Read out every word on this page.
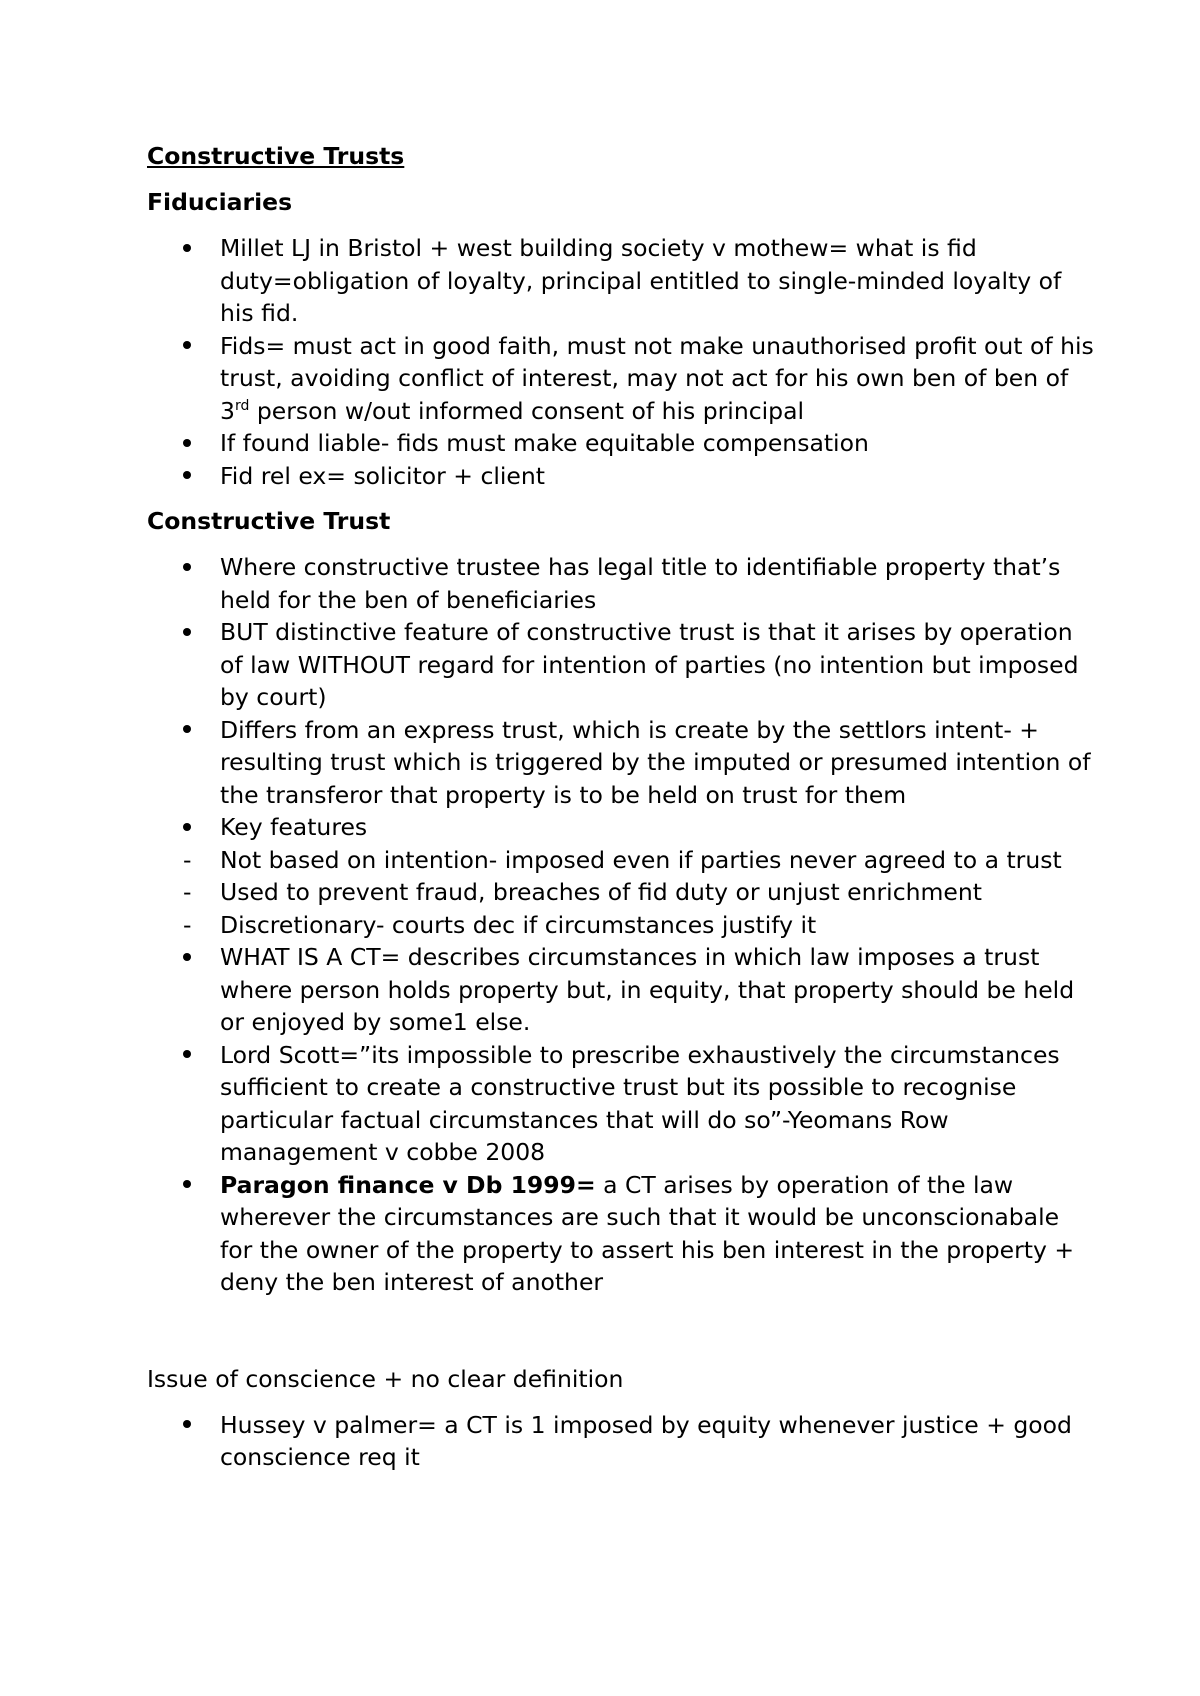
Constructive Trusts
Fiduciaries
Millet LJ in Bristol + west building society v mothew= what is fid duty=obligation of loyalty, principal entitled to single-minded loyalty of his fid.
Fids= must act in good faith, must not make unauthorised profit out of his trust, avoiding conflict of interest, may not act for his own ben of ben of 3rd person w/out informed consent of his principal
If found liable- fids must make equitable compensation
Fid rel ex= solicitor + client
Constructive Trust
Where constructive trustee has legal title to identifiable property that’s held for the ben of beneficiaries
BUT distinctive feature of constructive trust is that it arises by operation of law WITHOUT regard for intention of parties (no intention but imposed by court)
Differs from an express trust, which is create by the settlors intent- + resulting trust which is triggered by the imputed or presumed intention of the transferor that property is to be held on trust for them
Key features
-	Not based on intention- imposed even if parties never agreed to a trust
-	Used to prevent fraud, breaches of fid duty or unjust enrichment
-	Discretionary- courts dec if circumstances justify it
WHAT IS A CT= describes circumstances in which law imposes a trust where person holds property but, in equity, that property should be held or enjoyed by some1 else.
Lord Scott=”its impossible to prescribe exhaustively the circumstances sufficient to create a constructive trust but its possible to recognise particular factual circumstances that will do so”-Yeomans Row management v cobbe 2008
Paragon finance v Db 1999= a CT arises by operation of the law wherever the circumstances are such that it would be unconscionabale for the owner of the property to assert his ben interest in the property + deny the ben interest of another
Issue of conscience + no clear definition
Hussey v palmer= a CT is 1 imposed by equity whenever justice + good conscience req it
